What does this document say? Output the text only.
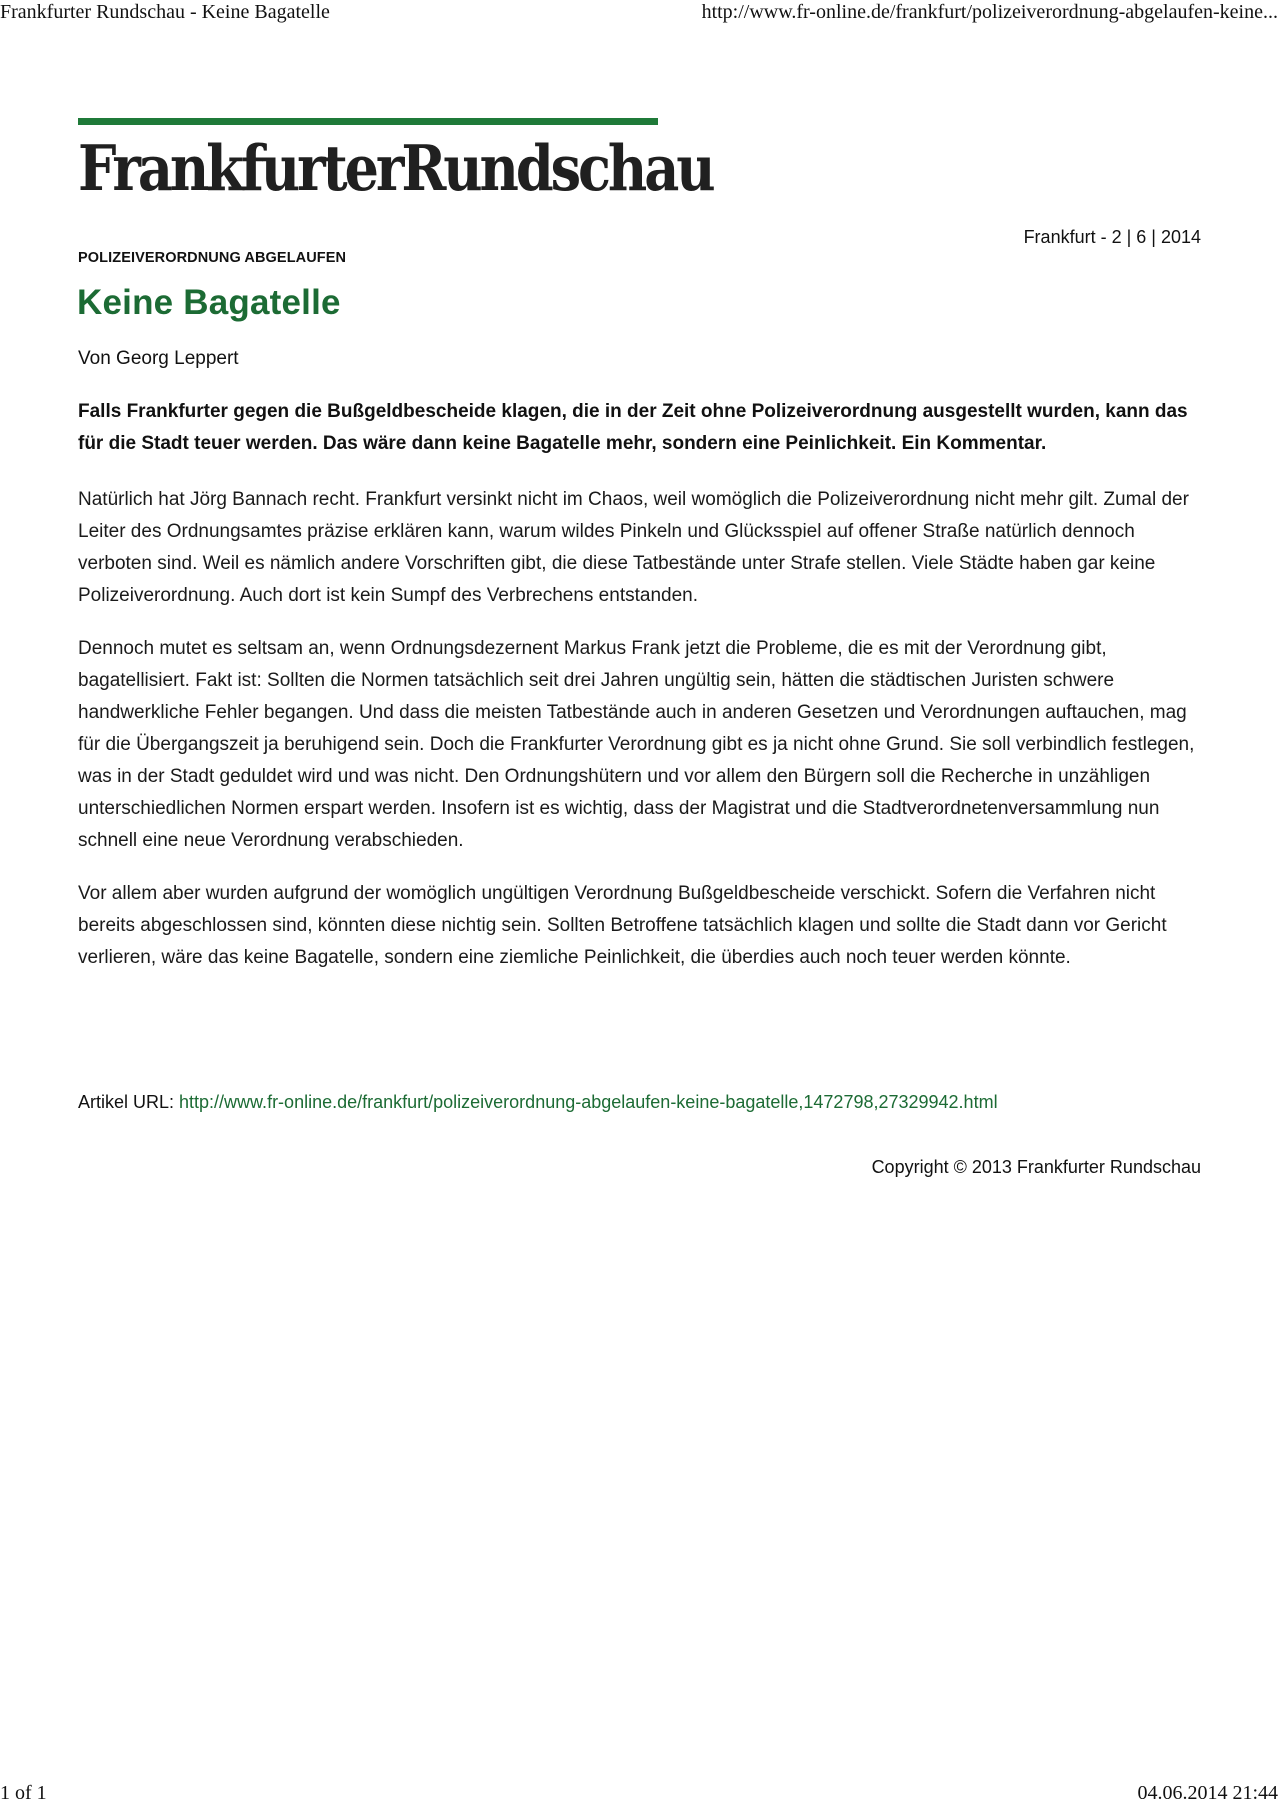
Frankfurter Rundschau - Keine Bagatelle	http://www.fr-online.de/frankfurt/polizeiverordnung-abgelaufen-keine...
FrankfurterRundschau
Frankfurt - 2 | 6 | 2014
POLIZEIVERORDNUNG ABGELAUFEN
Keine Bagatelle
Von Georg Leppert

Falls Frankfurter gegen die Bußgeldbescheide klagen, die in der Zeit ohne Polizeiverordnung ausgestellt wurden, kann das für die Stadt teuer werden. Das wäre dann keine Bagatelle mehr, sondern eine Peinlichkeit. Ein Kommentar.

Natürlich hat Jörg Bannach recht. Frankfurt versinkt nicht im Chaos, weil womöglich die Polizeiverordnung nicht mehr gilt. Zumal der Leiter des Ordnungsamtes präzise erklären kann, warum wildes Pinkeln und Glücksspiel auf offener Straße natürlich dennoch verboten sind. Weil es nämlich andere Vorschriften gibt, die diese Tatbestände unter Strafe stellen. Viele Städte haben gar keine Polizeiverordnung. Auch dort ist kein Sumpf des Verbrechens entstanden.

Dennoch mutet es seltsam an, wenn Ordnungsdezernent Markus Frank jetzt die Probleme, die es mit der Verordnung gibt, bagatellisiert. Fakt ist: Sollten die Normen tatsächlich seit drei Jahren ungültig sein, hätten die städtischen Juristen schwere handwerkliche Fehler begangen. Und dass die meisten Tatbestände auch in anderen Gesetzen und Verordnungen auftauchen, mag für die Übergangszeit ja beruhigend sein. Doch die Frankfurter Verordnung gibt es ja nicht ohne Grund. Sie soll verbindlich festlegen, was in der Stadt geduldet wird und was nicht. Den Ordnungshütern und vor allem den Bürgern soll die Recherche in unzähligen unterschiedlichen Normen erspart werden. Insofern ist es wichtig, dass der Magistrat und die Stadtverordnetenversammlung nun schnell eine neue Verordnung verabschieden.

Vor allem aber wurden aufgrund der womöglich ungültigen Verordnung Bußgeldbescheide verschickt. Sofern die Verfahren nicht bereits abgeschlossen sind, könnten diese nichtig sein. Sollten Betroffene tatsächlich klagen und sollte die Stadt dann vor Gericht verlieren, wäre das keine Bagatelle, sondern eine ziemliche Peinlichkeit, die überdies auch noch teuer werden könnte.

Artikel URL: http://www.fr-online.de/frankfurt/polizeiverordnung-abgelaufen-keine-bagatelle,1472798,27329942.html
Copyright © 2013 Frankfurter Rundschau
1 of 1	04.06.2014 21:44
